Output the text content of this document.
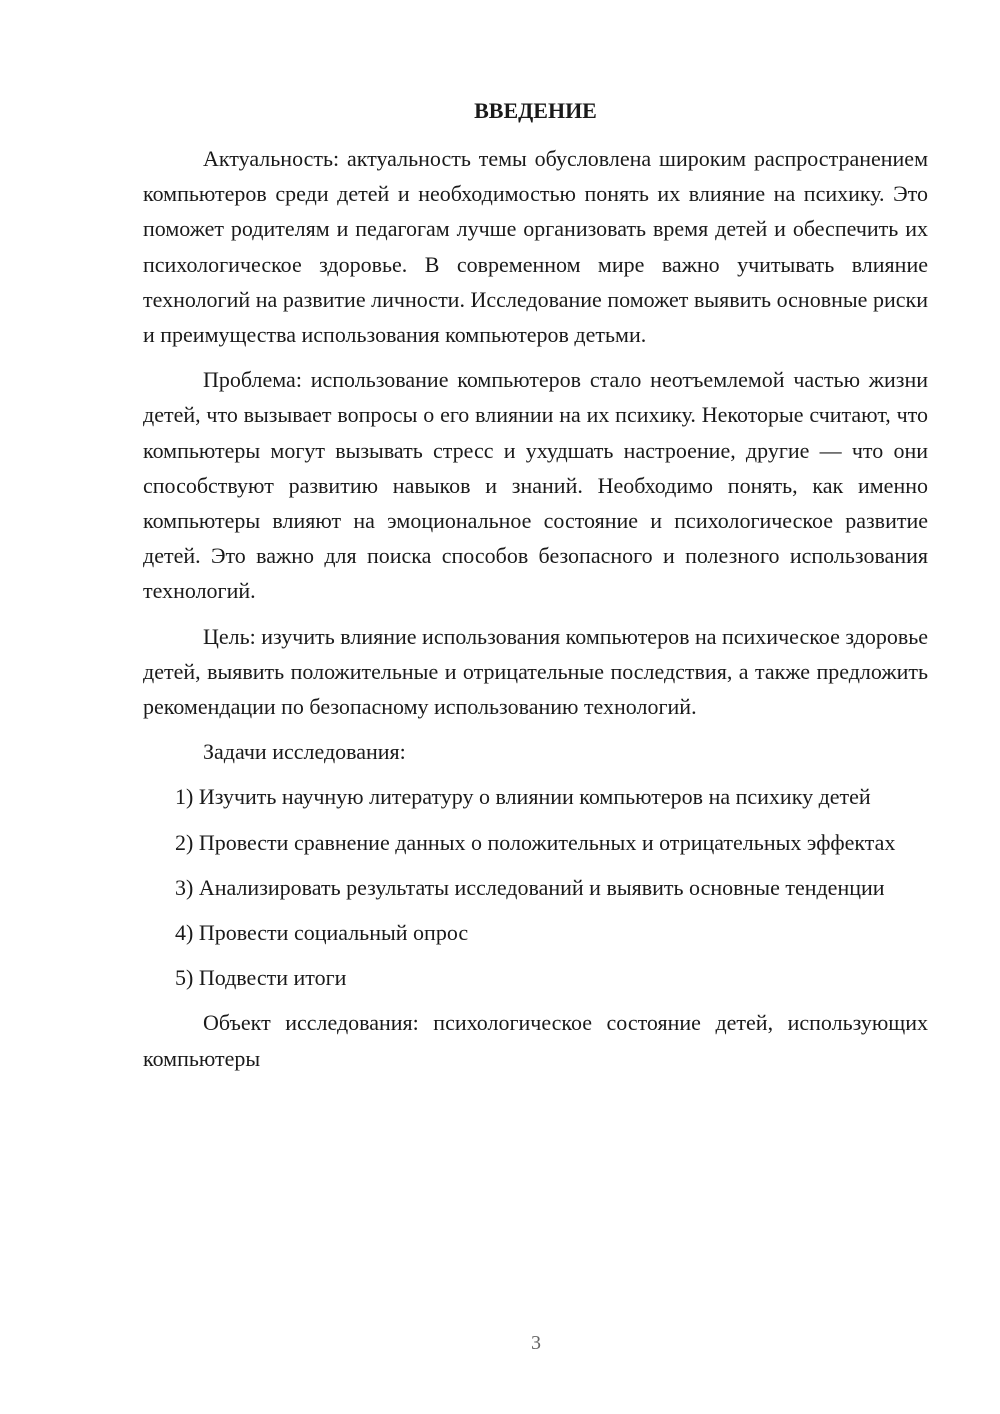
ВВЕДЕНИЕ

Актуальность: актуальность темы обусловлена широким распространением компьютеров среди детей и необходимостью понять их влияние на психику. Это поможет родителям и педагогам лучше организовать время детей и обеспечить их психологическое здоровье. В современном мире важно учитывать влияние технологий на развитие личности. Исследование поможет выявить основные риски и преимущества использования компьютеров детьми.

Проблема: использование компьютеров стало неотъемлемой частью жизни детей, что вызывает вопросы о его влиянии на их психику. Некоторые считают, что компьютеры могут вызывать стресс и ухудшать настроение, другие — что они способствуют развитию навыков и знаний. Необходимо понять, как именно компьютеры влияют на эмоциональное состояние и психологическое развитие детей. Это важно для поиска способов безопасного и полезного использования технологий.

Цель: изучить влияние использования компьютеров на психическое здоровье детей, выявить положительные и отрицательные последствия, а также предложить рекомендации по безопасному использованию технологий.

Задачи исследования:

1) Изучить научную литературу о влиянии компьютеров на психику детей

2) Провести сравнение данных о положительных и отрицательных эффектах

3) Анализировать результаты исследований и выявить основные тенденции

4) Провести социальный опрос

5) Подвести итоги

Объект исследования: психологическое состояние детей, использующих компьютеры

3
